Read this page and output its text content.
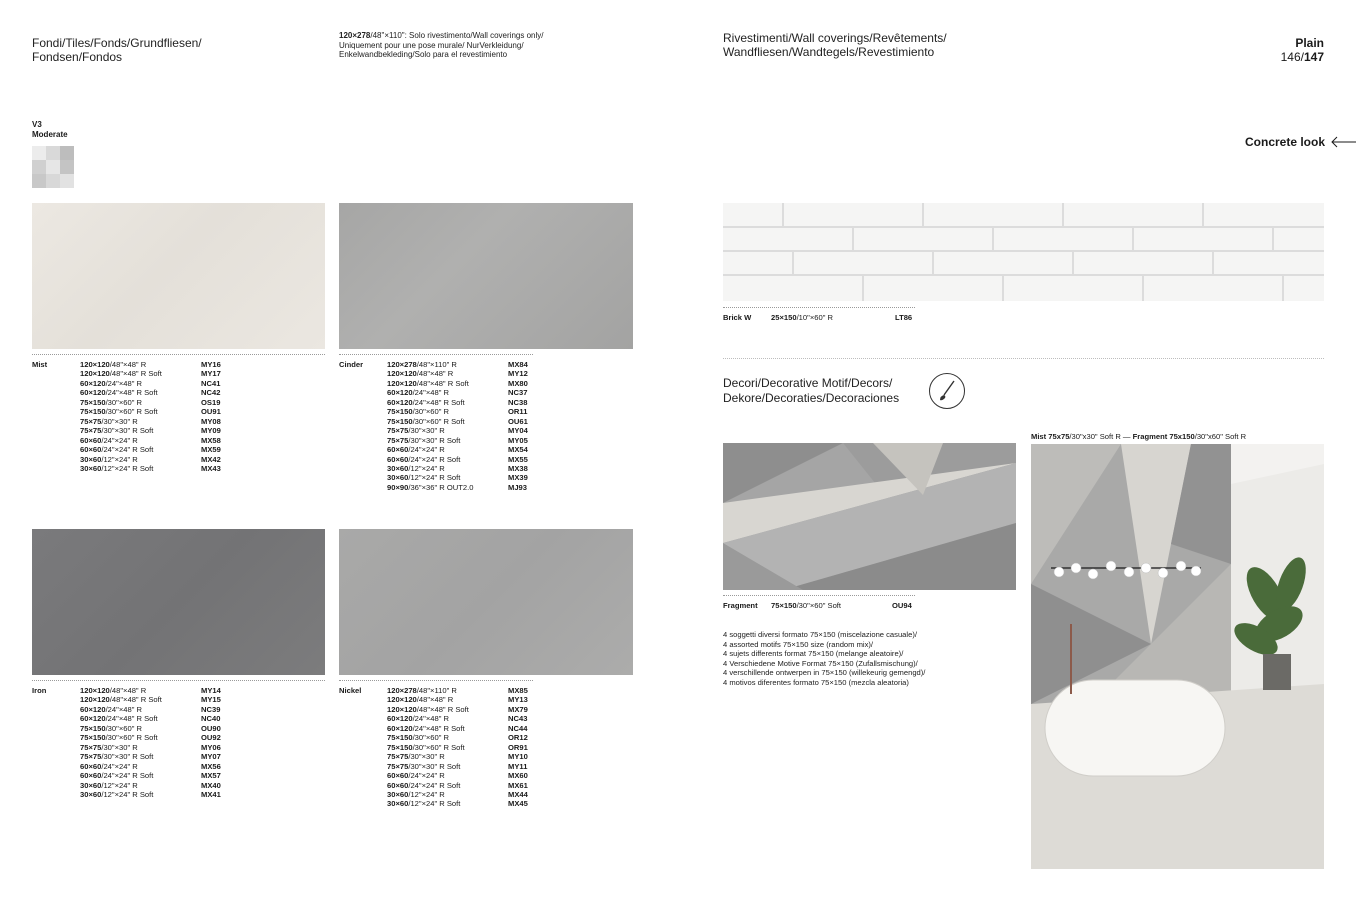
Fondi/Tiles/Fonds/Grundfliesen/
Fondsen/Fondos
120×278/48"×110": Solo rivestimento/Wall coverings only/
Uniquement pour une pose murale/ NurVerkleidung/
Enkelwandbekleding/Solo para el revestimiento
Rivestimenti/Wall coverings/Revêtements/
Wandfliesen/Wandtegels/Revestimiento
Plain
146/147
V3
Moderate
Concrete look
Mist	120×120/48"×48" R	MY16
120×120/48"×48" R Soft	MY17
60×120/24"×48" R	NC41
60×120/24"×48" R Soft	NC42
75×150/30"×60" R	OS19
75×150/30"×60" R Soft	OU91
75×75/30"×30" R	MY08
75×75/30"×30" R Soft	MY09
60×60/24"×24" R	MX58
60×60/24"×24" R Soft	MX59
30×60/12"×24" R	MX42
30×60/12"×24" R Soft	MX43
Cinder	120×278/48"×110" R	MX84
120×120/48"×48" R	MY12
120×120/48"×48" R Soft	MX80
60×120/24"×48" R	NC37
60×120/24"×48" R Soft	NC38
75×150/30"×60" R	OR11
75×150/30"×60" R Soft	OU61
75×75/30"×30" R	MY04
75×75/30"×30" R Soft	MY05
60×60/24"×24" R	MX54
60×60/24"×24" R Soft	MX55
30×60/12"×24" R	MX38
30×60/12"×24" R Soft	MX39
90×90/36"×36" R OUT2.0	MJ93
Iron	120×120/48"×48" R	MY14
120×120/48"×48" R Soft	MY15
60×120/24"×48" R	NC39
60×120/24"×48" R Soft	NC40
75×150/30"×60" R	OU90
75×150/30"×60" R Soft	OU92
75×75/30"×30" R	MY06
75×75/30"×30" R Soft	MY07
60×60/24"×24" R	MX56
60×60/24"×24" R Soft	MX57
30×60/12"×24" R	MX40
30×60/12"×24" R Soft	MX41
Nickel	120×278/48"×110" R	MX85
120×120/48"×48" R	MY13
120×120/48"×48" R Soft	MX79
60×120/24"×48" R	NC43
60×120/24"×48" R Soft	NC44
75×150/30"×60" R	OR12
75×150/30"×60" R Soft	OR91
75×75/30"×30" R	MY10
75×75/30"×30" R Soft	MY11
60×60/24"×24" R	MX60
60×60/24"×24" R Soft	MX61
30×60/12"×24" R	MX44
30×60/12"×24" R Soft	MX45
Brick W	25×150/10"×60" R	LT86
Decori/Decorative Motif/Decors/
Dekore/Decoraties/Decoraciones
Fragment 75×150/30"×60" Soft	OU94
4 soggetti diversi formato 75×150 (miscelazione casuale)/
4 assorted motifs 75×150 size (random mix)/
4 sujets differents format 75×150 (melange aleatoire)/
4 Verschiedene Motive Format 75×150 (Zufallsmischung)/
4 verschillende ontwerpen in 75×150 (willekeurig gemengd)/
4 motivos diferentes formato 75×150 (mezcla aleatoria)
Mist 75x75/30"x30" Soft R — Fragment 75x150/30"x60" Soft R
